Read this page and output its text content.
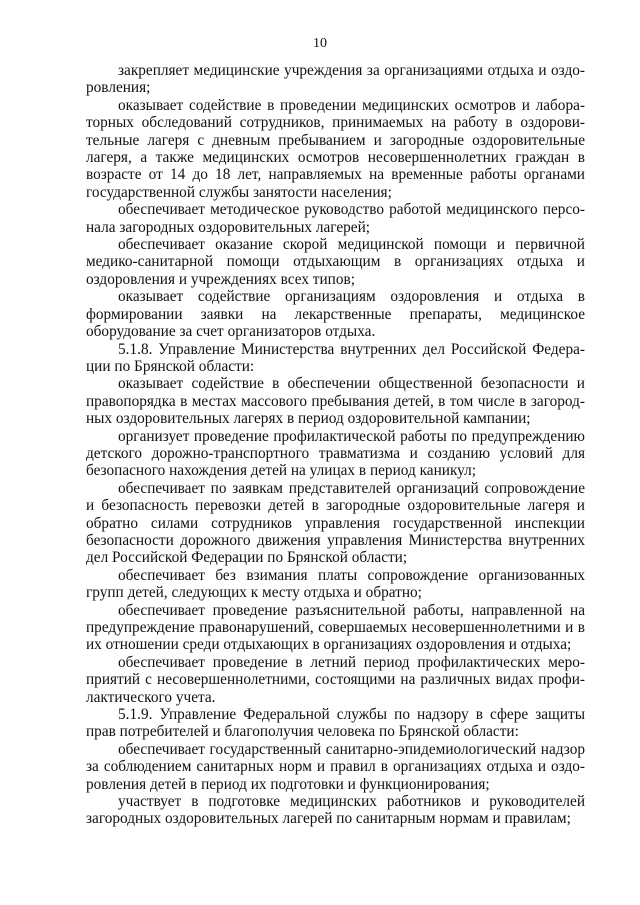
10

закрепляет медицинские учреждения за организациями отдыха и оздоровления;

оказывает содействие в проведении медицинских осмотров и лабораторных обследований сотрудников, принимаемых на работу в оздоровительные лагеря с дневным пребыванием и загородные оздоровительные лагеря, а также медицинских осмотров несовершеннолетних граждан в возрасте от 14 до 18 лет, направляемых на временные работы органами государственной службы занятости населения;

обеспечивает методическое руководство работой медицинского персонала загородных оздоровительных лагерей;

обеспечивает оказание скорой медицинской помощи и первичной медико-санитарной помощи отдыхающим в организациях отдыха и оздоровления и учреждениях всех типов;

оказывает содействие организациям оздоровления и отдыха в формировании заявки на лекарственные препараты, медицинское оборудование за счет организаторов отдыха.

5.1.8. Управление Министерства внутренних дел Российской Федерации по Брянской области:

оказывает содействие в обеспечении общественной безопасности и правопорядка в местах массового пребывания детей, в том числе в загородных оздоровительных лагерях в период оздоровительной кампании;

организует проведение профилактической работы по предупреждению детского дорожно-транспортного травматизма и созданию условий для безопасного нахождения детей на улицах в период каникул;

обеспечивает по заявкам представителей организаций сопровождение и безопасность перевозки детей в загородные оздоровительные лагеря и обратно силами сотрудников управления государственной инспекции безопасности дорожного движения управления Министерства внутренних дел Российской Федерации по Брянской области;

обеспечивает без взимания платы сопровождение организованных групп детей, следующих к месту отдыха и обратно;

обеспечивает проведение разъяснительной работы, направленной на предупреждение правонарушений, совершаемых несовершеннолетними и в их отношении среди отдыхающих в организациях оздоровления и отдыха;

обеспечивает проведение в летний период профилактических мероприятий с несовершеннолетними, состоящими на различных видах профилактического учета.

5.1.9. Управление Федеральной службы по надзору в сфере защиты прав потребителей и благополучия человека по Брянской области:

обеспечивает государственный санитарно-эпидемиологический надзор за соблюдением санитарных норм и правил в организациях отдыха и оздоровления детей в период их подготовки и функционирования;

участвует в подготовке медицинских работников и руководителей загородных оздоровительных лагерей по санитарным нормам и правилам;
